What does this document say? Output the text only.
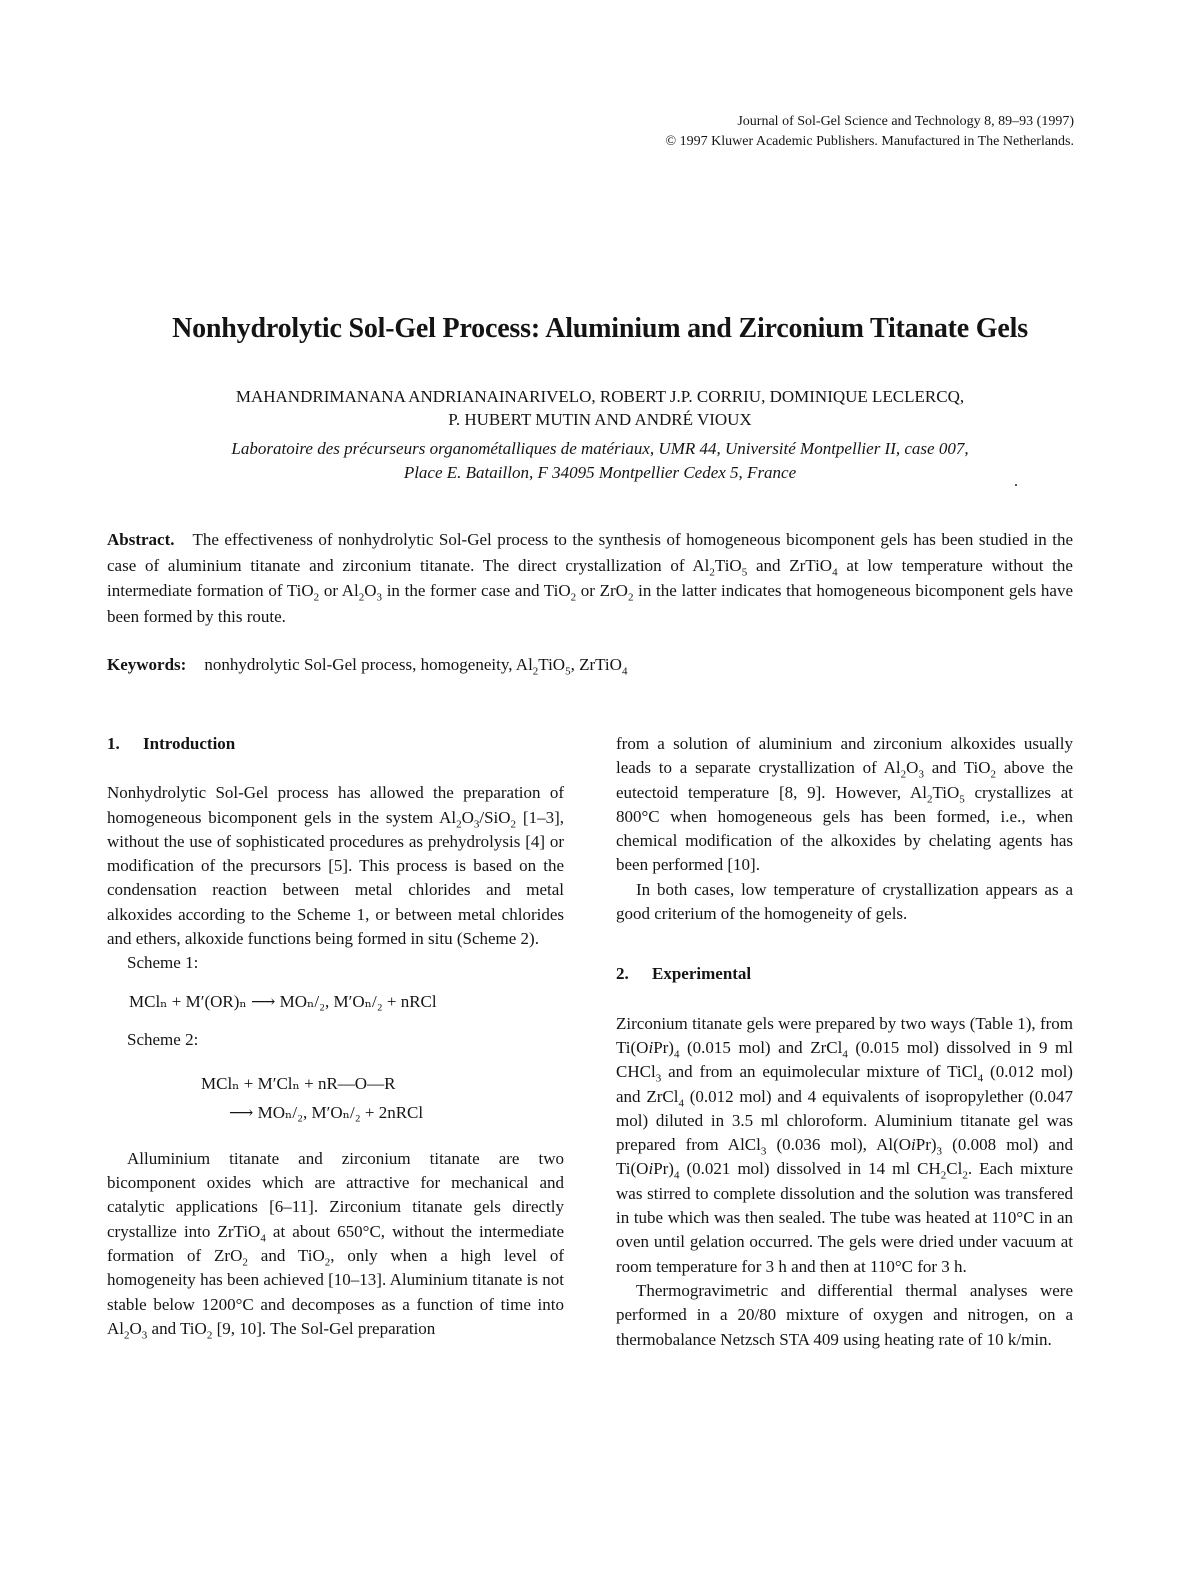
Journal of Sol-Gel Science and Technology 8, 89–93 (1997)
© 1997 Kluwer Academic Publishers. Manufactured in The Netherlands.
Nonhydrolytic Sol-Gel Process: Aluminium and Zirconium Titanate Gels
MAHANDRIMANANA ANDRIANAINARIVELO, ROBERT J.P. CORRIU, DOMINIQUE LECLERCQ,
P. HUBERT MUTIN AND ANDRÉ VIOUX
Laboratoire des précurseurs organométalliques de matériaux, UMR 44, Université Montpellier II, case 007,
Place E. Bataillon, F 34095 Montpellier Cedex 5, France

Abstract. The effectiveness of nonhydrolytic Sol-Gel process to the synthesis of homogeneous bicomponent gels has been studied in the case of aluminium titanate and zirconium titanate. The direct crystallization of $Al_2TiO_5$ and ZrTiO$_4$ at low temperature without the intermediate formation of TiO$_2$ or $Al_2O_3$ in the former case and TiO$_2$ or ZrO$_2$ in the latter indicates that homogeneous bicomponent gels have been formed by this route.

Keywords: nonhydrolytic Sol-Gel process, homogeneity, $Al_2TiO_5$, ZrTiO$_4$

1. Introduction

Nonhydrolytic Sol-Gel process has allowed the preparation of homogeneous bicomponent gels in the system $Al_2O_3/SiO_2$ [1–3], without the use of sophisticated procedures as prehydrolysis [4] or modification of the precursors [5]. This process is based on the condensation reaction between metal chlorides and metal alkoxides according to the Scheme 1, or between metal chlorides and ethers, alkoxide functions being formed in situ (Scheme 2).

Scheme 1:
MClₙ + M′(OR)ₙ ⟶ MOₙ/₂, M′Oₙ/₂ + nRCl
Scheme 2:
MClₙ + M′Clₙ + nR—O—R
⟶ MOₙ/₂, M′Oₙ/₂ + 2nRCl

Alluminium titanate and zirconium titanate are two bicomponent oxides which are attractive for mechanical and catalytic applications [6–11]. Zirconium titanate gels directly crystallize into ZrTiO$_4$ at about 650°C, without the intermediate formation of ZrO$_2$ and TiO$_2$, only when a high level of homogeneity has been achieved [10–13]. Aluminium titanate is not stable below 1200°C and decomposes as a function of time into $Al_2O_3$ and TiO$_2$ [9, 10]. The Sol-Gel preparation

from a solution of aluminium and zirconium alkoxides usually leads to a separate crystallization of $Al_2O_3$ and TiO$_2$ above the eutectoid temperature [8, 9]. However, $Al_2TiO_5$ crystallizes at 800°C when homogeneous gels has been formed, i.e., when chemical modification of the alkoxides by chelating agents has been performed [10].

In both cases, low temperature of crystallization appears as a good criterium of the homogeneity of gels.

2. Experimental

Zirconium titanate gels were prepared by two ways (Table 1), from $Ti(OiPr)_4$ (0.015 mol) and ZrCl$_4$ (0.015 mol) dissolved in 9 ml CHCl$_3$ and from an equimolecular mixture of TiCl$_4$ (0.012 mol) and ZrCl$_4$ (0.012 mol) and 4 equivalents of isopropylether (0.047 mol) diluted in 3.5 ml chloroform. Aluminium titanate gel was prepared from AlCl$_3$ (0.036 mol), $Al(OiPr)_3$ (0.008 mol) and $Ti(OiPr)_4$ (0.021 mol) dissolved in 14 ml $CH_2Cl_2$. Each mixture was stirred to complete dissolution and the solution was transfered in tube which was then sealed. The tube was heated at 110°C in an oven until gelation occurred. The gels were dried under vacuum at room temperature for 3 h and then at 110°C for 3 h.

Thermogravimetric and differential thermal analyses were performed in a 20/80 mixture of oxygen and nitrogen, on a thermobalance Netzsch STA 409 using heating rate of 10 k/min.
